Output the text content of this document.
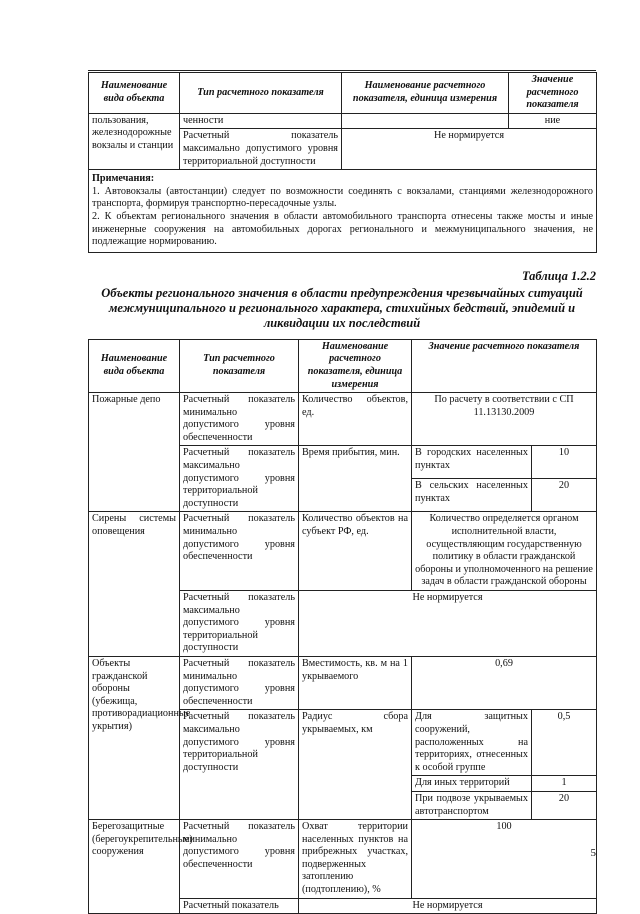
Наименование вида объекта	Тип расчетного показателя	Наименование расчетного показателя, единица измерения	Значение расчетного показателя
пользования, железнодорожные вокзалы и станции	ченности		ние
	Расчетный показатель максимально допустимого уровня территориальной доступности	Не нормируется	

Примечания:
1. Автовокзалы (автостанции) следует по возможности соединять с вокзалами, станциями железнодорожного транспорта, формируя транспортно-пересадочные узлы.
2. К объектам регионального значения в области автомобильного транспорта отнесены также мосты и иные инженерные сооружения на автомобильных дорогах регионального и межмуниципального значения, не подлежащие нормированию.			
Таблица 1.2.2
Объекты регионального значения в области предупреждения чрезвычайных ситуаций межмуниципального и регионального характера, стихийных бедствий, эпидемий и ликвидации их последствий
Наименование вида объекта	Тип расчетного показателя	Наименование расчетного показателя, единица измерения	Значение расчетного показателя	
Пожарные депо	Расчетный показатель минимально допустимого уровня обеспеченности	Количество объектов, ед.	По расчету в соответствии с СП 11.13130.2009	
	Расчетный показатель максимально допустимого уровня территориальной доступности	Время прибытия, мин.	В городских населенных пунктах	10
			В сельских населенных пунктах	20
Сирены системы оповещения	Расчетный показатель минимально допустимого уровня обеспеченности	Количество объектов на субъект РФ, ед.	Количество определяется органом исполнительной власти, осуществляющим государственную политику в области гражданской обороны и уполномоченного на решение задач в области гражданской обороны	
	Расчетный показатель максимально допустимого уровня территориальной доступности	Не нормируется		
Объекты гражданской обороны (убежища, противорадиационные укрытия)	Расчетный показатель минимально допустимого уровня обеспеченности	Вместимость, кв. м на 1 укрываемого	0,69	
	Расчетный показатель максимально допустимого уровня территориальной доступности	Радиус сбора укрываемых, км	Для защитных сооружений, расположенных на территориях, отнесенных к особой группе	0,5
			Для иных территорий	1
			При подвозе укрываемых автотранспортом	20
Берегозащитные (берегоукрепительные) сооружения	Расчетный показатель минимально допустимого уровня обеспеченности	Охват территории населенных пунктов на прибрежных участках, подверженных затоплению (подтоплению), %	100	
	Расчетный показатель	Не нормируется		
5
